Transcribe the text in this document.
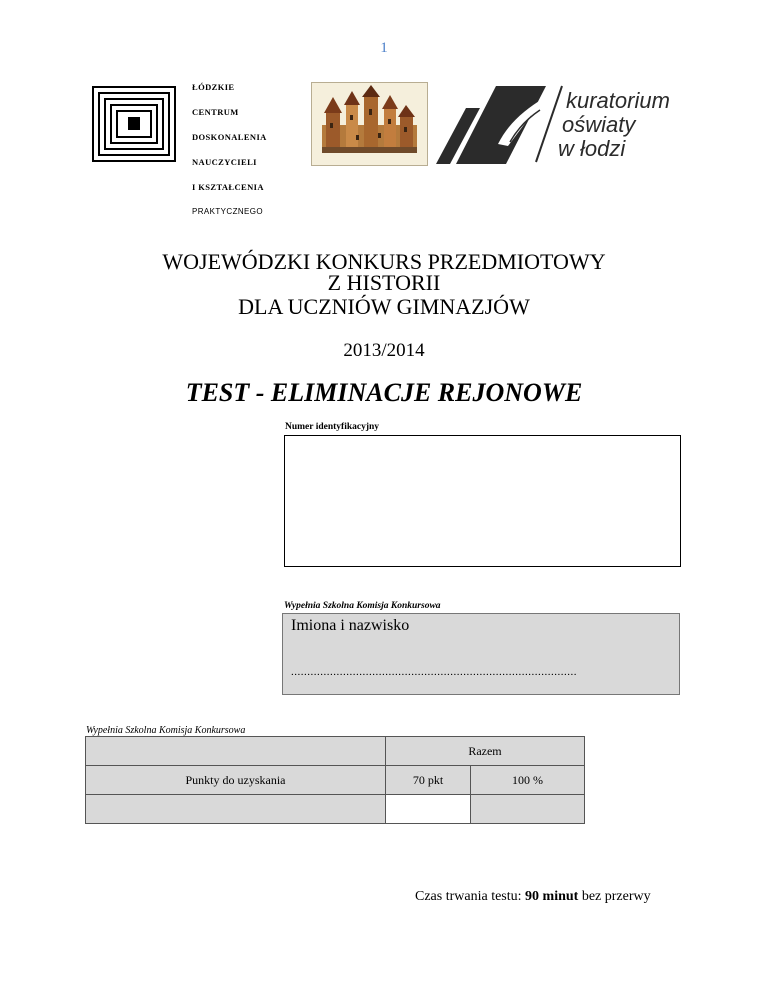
1
ŁÓDZKIE
CENTRUM
DOSKONALENIA
NAUCZYCIELI
I KSZTAŁCENIA
PRAKTYCZNEGO
kuratorium
oświaty
w łodzi
WOJEWÓDZKI KONKURS PRZEDMIOTOWY
Z HISTORII
DLA UCZNIÓW GIMNAZJÓW
2013/2014
TEST - ELIMINACJE REJONOWE
Numer identyfikacyjny
Wypełnia Szkolna Komisja Konkursowa
Imiona i nazwisko
........................................................................................
Wypełnia Szkolna Komisja Konkursowa
Razem
Punkty do uzyskania	70 pkt	100 %
Czas trwania testu: 90 minut bez przerwy
